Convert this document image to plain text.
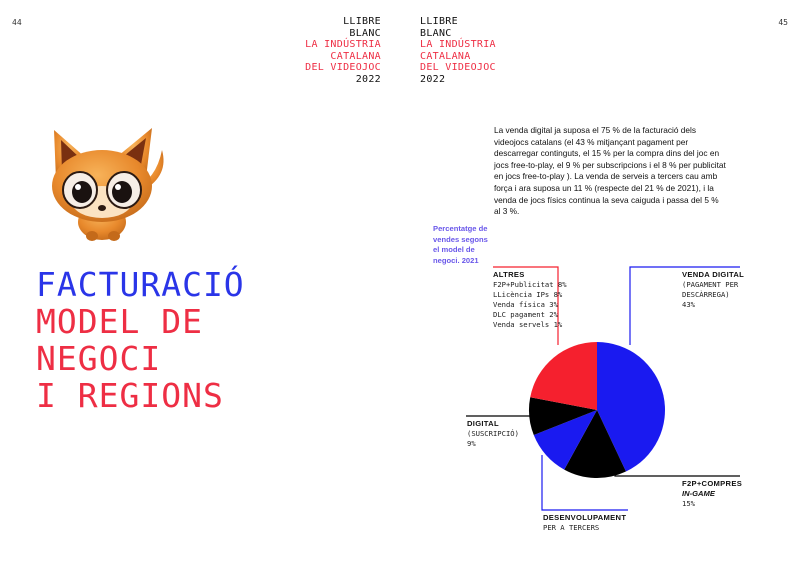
44	45
LLIBRE
BLANC
LA INDÚSTRIA
CATALANA
DEL VIDEOJOC
2022
LLIBRE
BLANC
LA INDÚSTRIA
CATALANA
DEL VIDEOJOC
2022
FACTURACIÓ
MODEL DE
NEGOCI
I REGIONS
La venda digital ja suposa el 75 % de la facturació dels videojocs catalans (el 43 % mitjançant pagament per descarregar continguts, el 15 % per la compra dins del joc en jocs free-to-play, el 9 % per subscripcions i el 8 % per publicitat en jocs free-to-play ). La venda de serveis a tercers cau amb força i ara suposa un 11 % (respecte del 21 % de 2021), i la venda de jocs físics continua la seva caiguda i passa del 5 % al 3 %.
Percentatge de vendes segons el model de negoci. 2021
ALTRES
F2P+Publicitat 8%
LLicència IPs 8%
Venda física 3%
DLC pagament 2%
Venda servels 1%
VENDA DIGITAL
(PAGAMENT PER DESCÀRREGA)
43%
DIGITAL
(SUSCRIPCIÓ)
9%
F2P+COMPRES
IN-GAME
15%
DESENVOLUPAMENT
PER A TERCERS
